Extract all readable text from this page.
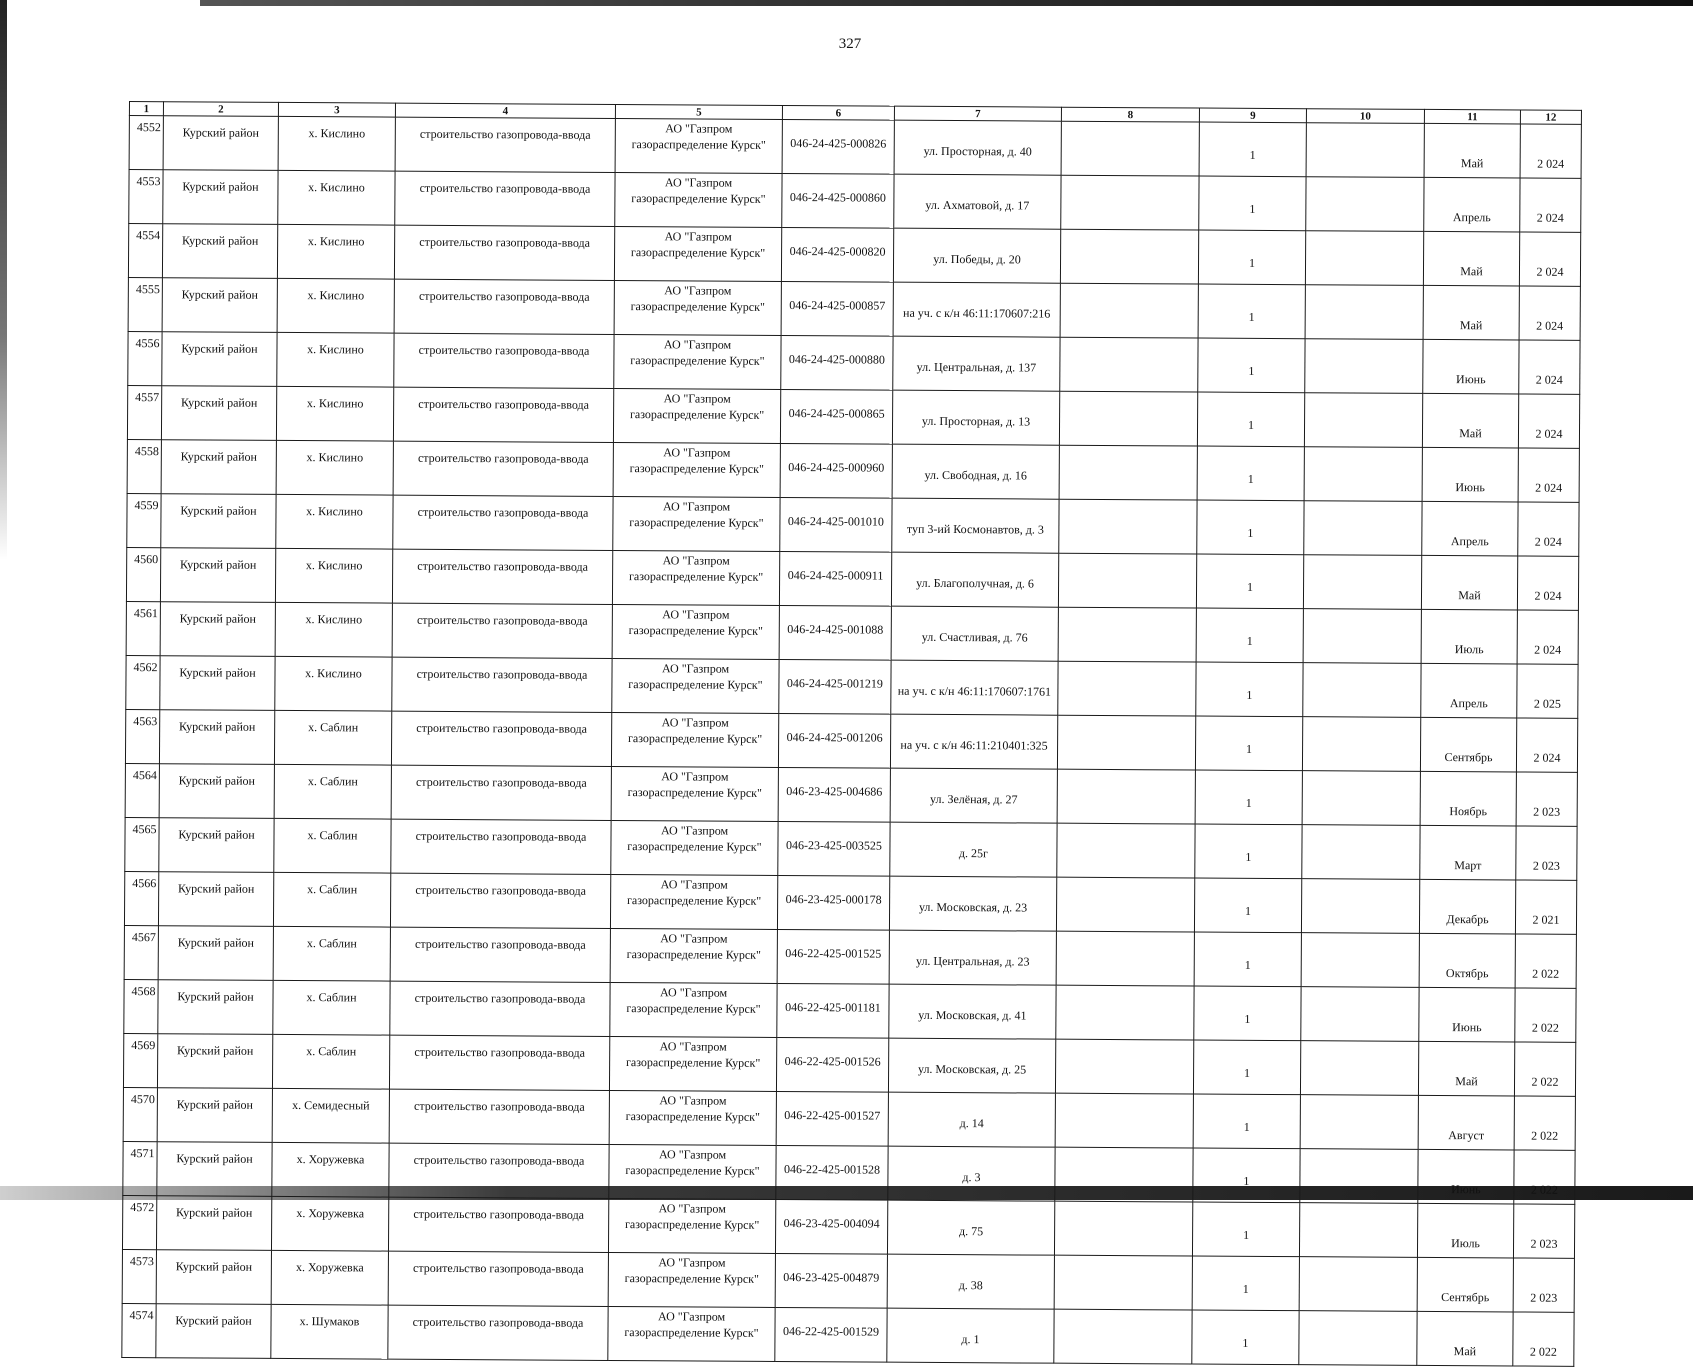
327
1	2	3	4	5	6	7	8	9	10	11	12
4552	Курский район	х. Кислино	строительство газопровода-ввода	АО "Газпром газораспределение Курск"	046-24-425-000826	ул. Просторная, д. 40		1		Май	2 024
4553	Курский район	х. Кислино	строительство газопровода-ввода	АО "Газпром газораспределение Курск"	046-24-425-000860	ул. Ахматовой, д. 17		1		Апрель	2 024
4554	Курский район	х. Кислино	строительство газопровода-ввода	АО "Газпром газораспределение Курск"	046-24-425-000820	ул. Победы, д. 20		1		Май	2 024
4555	Курский район	х. Кислино	строительство газопровода-ввода	АО "Газпром газораспределение Курск"	046-24-425-000857	на уч. с к/н 46:11:170607:216		1		Май	2 024
4556	Курский район	х. Кислино	строительство газопровода-ввода	АО "Газпром газораспределение Курск"	046-24-425-000880	ул. Центральная, д. 137		1		Июнь	2 024
4557	Курский район	х. Кислино	строительство газопровода-ввода	АО "Газпром газораспределение Курск"	046-24-425-000865	ул. Просторная, д. 13		1		Май	2 024
4558	Курский район	х. Кислино	строительство газопровода-ввода	АО "Газпром газораспределение Курск"	046-24-425-000960	ул. Свободная, д. 16		1		Июнь	2 024
4559	Курский район	х. Кислино	строительство газопровода-ввода	АО "Газпром газораспределение Курск"	046-24-425-001010	туп 3-ий Космонавтов, д. 3		1		Апрель	2 024
4560	Курский район	х. Кислино	строительство газопровода-ввода	АО "Газпром газораспределение Курск"	046-24-425-000911	ул. Благополучная, д. 6		1		Май	2 024
4561	Курский район	х. Кислино	строительство газопровода-ввода	АО "Газпром газораспределение Курск"	046-24-425-001088	ул. Счастливая, д. 76		1		Июль	2 024
4562	Курский район	х. Кислино	строительство газопровода-ввода	АО "Газпром газораспределение Курск"	046-24-425-001219	на уч. с к/н 46:11:170607:1761		1		Апрель	2 025
4563	Курский район	х. Саблин	строительство газопровода-ввода	АО "Газпром газораспределение Курск"	046-24-425-001206	на уч. с к/н 46:11:210401:325		1		Сентябрь	2 024
4564	Курский район	х. Саблин	строительство газопровода-ввода	АО "Газпром газораспределение Курск"	046-23-425-004686	ул. Зелёная, д. 27		1		Ноябрь	2 023
4565	Курский район	х. Саблин	строительство газопровода-ввода	АО "Газпром газораспределение Курск"	046-23-425-003525	д. 25г		1		Март	2 023
4566	Курский район	х. Саблин	строительство газопровода-ввода	АО "Газпром газораспределение Курск"	046-23-425-000178	ул. Московская, д. 23		1		Декабрь	2 021
4567	Курский район	х. Саблин	строительство газопровода-ввода	АО "Газпром газораспределение Курск"	046-22-425-001525	ул. Центральная, д. 23		1		Октябрь	2 022
4568	Курский район	х. Саблин	строительство газопровода-ввода	АО "Газпром газораспределение Курск"	046-22-425-001181	ул. Московская, д. 41		1		Июнь	2 022
4569	Курский район	х. Саблин	строительство газопровода-ввода	АО "Газпром газораспределение Курск"	046-22-425-001526	ул. Московская, д. 25		1		Май	2 022
4570	Курский район	х. Семидесный	строительство газопровода-ввода	АО "Газпром газораспределение Курск"	046-22-425-001527	д. 14		1		Август	2 022
4571	Курский район	х. Хоружевка	строительство газопровода-ввода	АО "Газпром газораспределение Курск"	046-22-425-001528	д. 3		1		Июнь	2 022
4572	Курский район	х. Хоружевка	строительство газопровода-ввода	АО "Газпром газораспределение Курск"	046-23-425-004094	д. 75		1		Июль	2 023
4573	Курский район	х. Хоружевка	строительство газопровода-ввода	АО "Газпром газораспределение Курск"	046-23-425-004879	д. 38		1		Сентябрь	2 023
4574	Курский район	х. Шумаков	строительство газопровода-ввода	АО "Газпром газораспределение Курск"	046-22-425-001529	д. 1		1		Май	2 022
